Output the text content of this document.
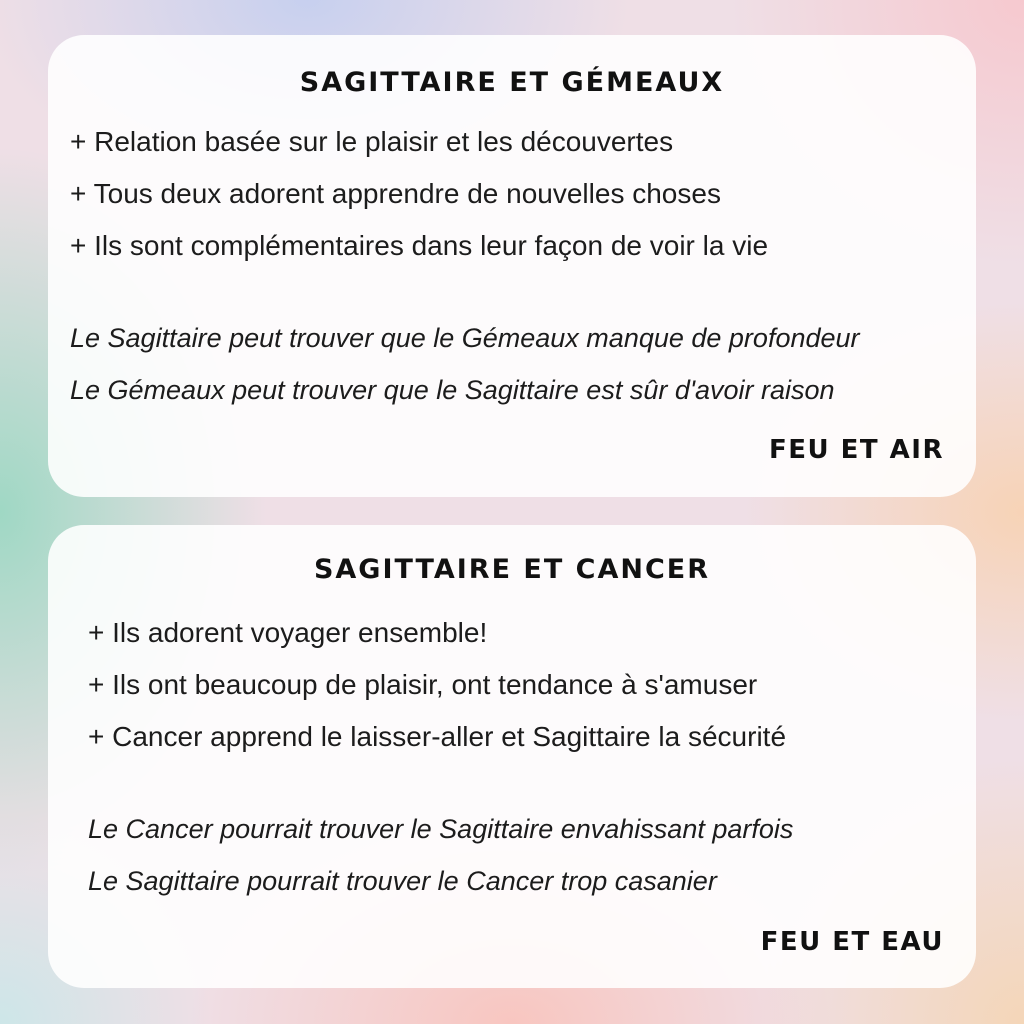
SAGITTAIRE ET GÉMEAUX

+ Relation basée sur le plaisir et les découvertes

+ Tous deux adorent apprendre de nouvelles choses

+ Ils sont complémentaires dans leur façon de voir la vie

Le Sagittaire peut trouver que le Gémeaux manque de profondeur

Le Gémeaux peut trouver que le Sagittaire est sûr d'avoir raison

FEU ET AIR

SAGITTAIRE ET CANCER

+ Ils adorent voyager ensemble!

+ Ils ont beaucoup de plaisir, ont tendance à s'amuser

+ Cancer apprend le laisser-aller et Sagittaire la sécurité

Le Cancer pourrait trouver le Sagittaire envahissant parfois

Le Sagittaire pourrait trouver le Cancer trop casanier

FEU ET EAU
